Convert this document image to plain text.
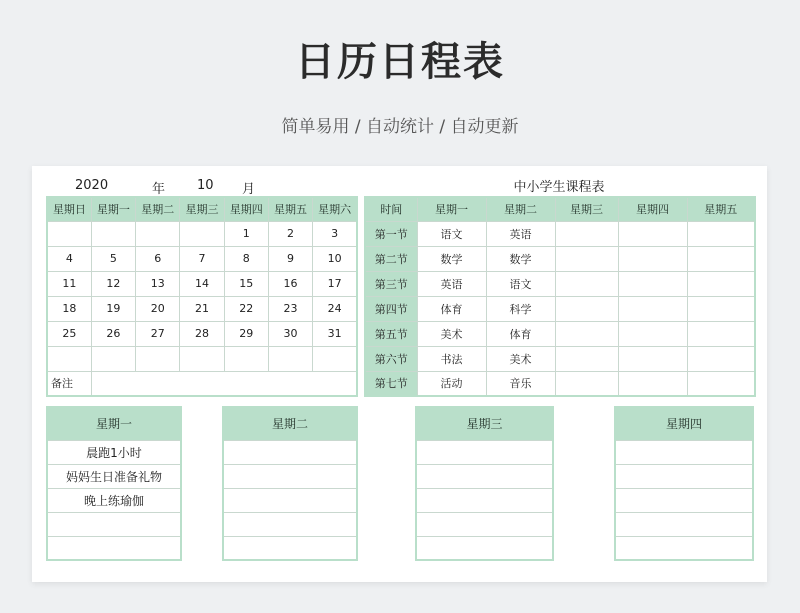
日历日程表
简单易用 / 自动统计 / 自动更新
2020	年 10 月
星期日	星期一	星期二	星期三	星期四	星期五	星期六
				1	2	3
4	5	6	7	8	9	10
11	12	13	14	15	16	17
18	19	20	21	22	23	24
25	26	27	28	29	30	31

备注						
中小学生课程表
时间	星期一	星期二	星期三	星期四	星期五
第一节	语文	英语			
第二节	数学	数学			
第三节	英语	语文			
第四节	体育	科学			
第五节	美术	体育			
第六节	书法	美术			
第七节	活动	音乐			
星期一
晨跑1小时
妈妈生日准备礼物
晚上练瑜伽

星期二	星期三	星期四
